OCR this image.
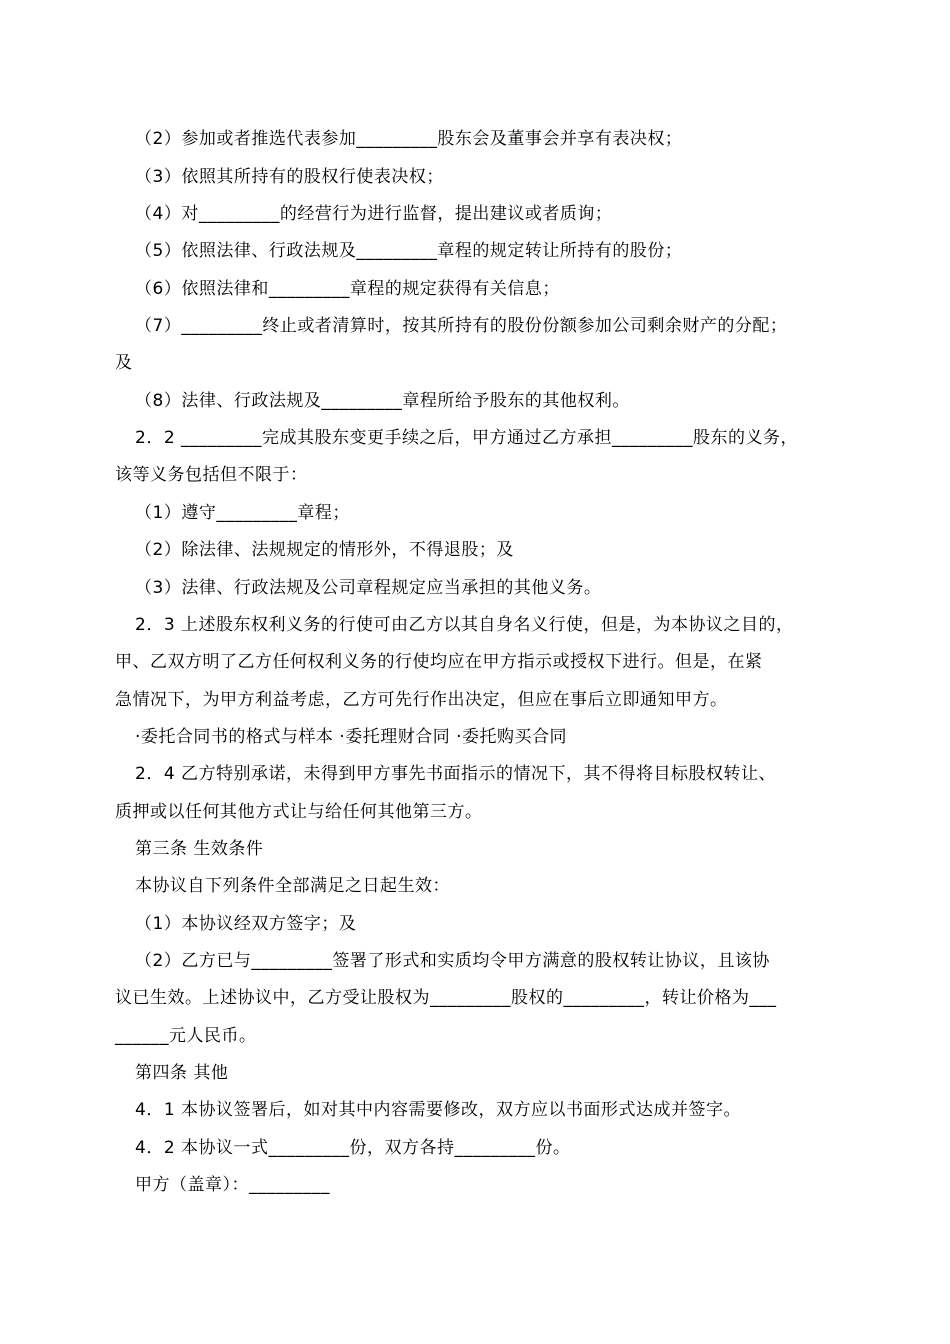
（2）参加或者推选代表参加_________股东会及董事会并享有表决权；
（3）依照其所持有的股权行使表决权；
（4）对_________的经营行为进行监督，提出建议或者质询；
（5）依照法律、行政法规及_________章程的规定转让所持有的股份；
（6）依照法律和_________章程的规定获得有关信息；
（7）_________终止或者清算时，按其所持有的股份份额参加公司剩余财产的分配；
及
（8）法律、行政法规及_________章程所给予股东的其他权利。
2．2 _________完成其股东变更手续之后，甲方通过乙方承担_________股东的义务，
该等义务包括但不限于：
（1）遵守_________章程；
（2）除法律、法规规定的情形外，不得退股；及
（3）法律、行政法规及公司章程规定应当承担的其他义务。
2．3 上述股东权利义务的行使可由乙方以其自身名义行使，但是，为本协议之目的，
甲、乙双方明了乙方任何权利义务的行使均应在甲方指示或授权下进行。但是，在紧
急情况下，为甲方利益考虑，乙方可先行作出决定，但应在事后立即通知甲方。
·委托合同书的格式与样本 ·委托理财合同 ·委托购买合同
2．4 乙方特别承诺，未得到甲方事先书面指示的情况下，其不得将目标股权转让、
质押或以任何其他方式让与给任何其他第三方。
第三条 生效条件
本协议自下列条件全部满足之日起生效：
（1）本协议经双方签字；及
（2）乙方已与_________签署了形式和实质均令甲方满意的股权转让协议，且该协
议已生效。上述协议中，乙方受让股权为_________股权的_________，转让价格为___
______元人民币。
第四条 其他
4．1 本协议签署后，如对其中内容需要修改，双方应以书面形式达成并签字。
4．2 本协议一式_________份，双方各持_________份。
甲方（盖章）：_________
